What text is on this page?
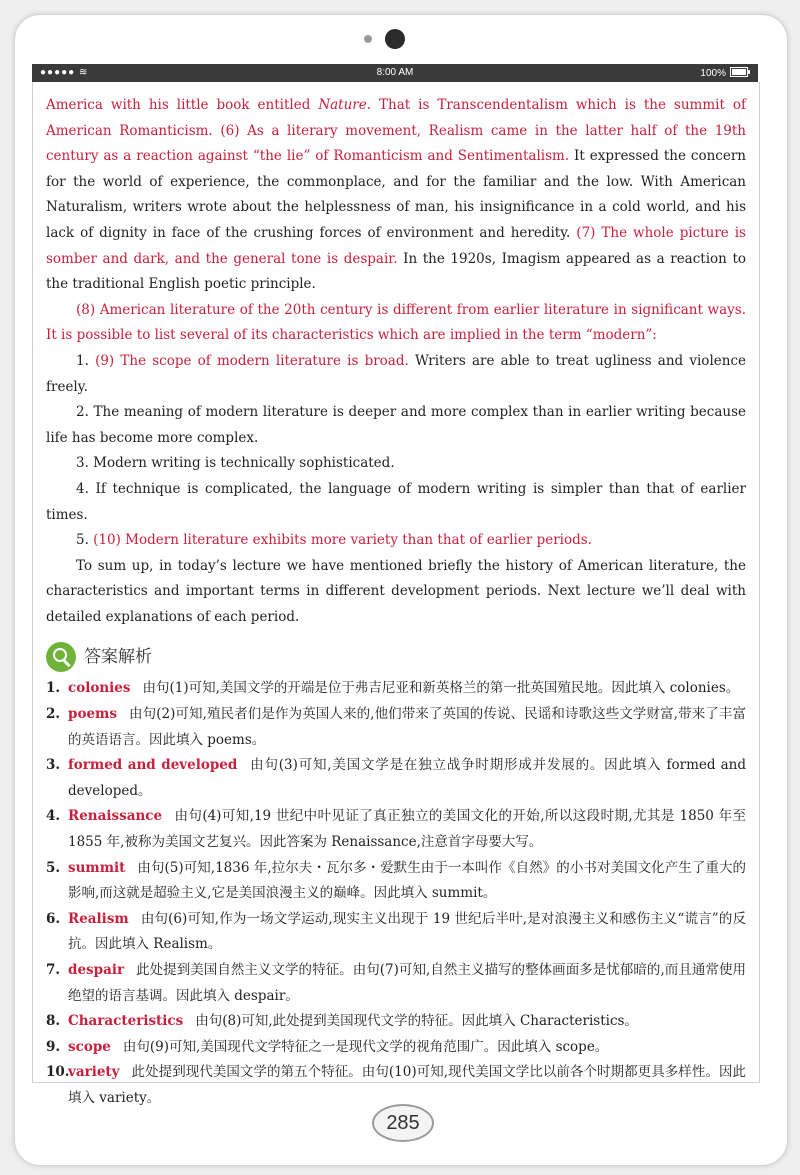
●●●●● ≋	8:00 AM	100%

America with his little book entitled Nature. That is Transcendentalism which is the summit of American Romanticism. (6) As a literary movement, Realism came in the latter half of the 19th century as a reaction against “the lie” of Romanticism and Sentimentalism. It expressed the concern for the world of experience, the commonplace, and for the familiar and the low. With American Naturalism, writers wrote about the helplessness of man, his insignificance in a cold world, and his lack of dignity in face of the crushing forces of environment and heredity. (7) The whole picture is somber and dark, and the general tone is despair. In the 1920s, Imagism appeared as a reaction to the traditional English poetic principle.

(8) American literature of the 20th century is different from earlier literature in significant ways. It is possible to list several of its characteristics which are implied in the term “modern”:

1. (9) The scope of modern literature is broad. Writers are able to treat ugliness and violence freely.

2. The meaning of modern literature is deeper and more complex than in earlier writing because life has become more complex.

3. Modern writing is technically sophisticated.

4. If technique is complicated, the language of modern writing is simpler than that of earlier times.

5. (10) Modern literature exhibits more variety than that of earlier periods.

To sum up, in today’s lecture we have mentioned briefly the history of American literature, the characteristics and important terms in different development periods. Next lecture we’ll deal with detailed explanations of each period.

答案解析
1. colonies 由句(1)可知,美国文学的开端是位于弗吉尼亚和新英格兰的第一批英国殖民地。因此填入 colonies。
2. poems 由句(2)可知,殖民者们是作为英国人来的,他们带来了英国的传说、民谣和诗歌这些文学财富,带来了丰富的英语语言。因此填入 poems。
3. formed and developed 由句(3)可知,美国文学是在独立战争时期形成并发展的。因此填入 formed and developed。
4. Renaissance 由句(4)可知,19 世纪中叶见证了真正独立的美国文化的开始,所以这段时期,尤其是 1850 年至 1855 年,被称为美国文艺复兴。因此答案为 Renaissance,注意首字母要大写。
5. summit 由句(5)可知,1836 年,拉尔夫・瓦尔多・爱默生由于一本叫作《自然》的小书对美国文化产生了重大的影响,而这就是超验主义,它是美国浪漫主义的巅峰。因此填入 summit。
6. Realism 由句(6)可知,作为一场文学运动,现实主义出现于 19 世纪后半叶,是对浪漫主义和感伤主义“谎言”的反抗。因此填入 Realism。
7. despair 此处提到美国自然主义文学的特征。由句(7)可知,自然主义描写的整体画面多是忧郁暗的,而且通常使用绝望的语言基调。因此填入 despair。
8. Characteristics 由句(8)可知,此处提到美国现代文学的特征。因此填入 Characteristics。
9. scope 由句(9)可知,美国现代文学特征之一是现代文学的视角范围广。因此填入 scope。
10.
variety 此处提到现代美国文学的第五个特征。由句(10)可知,现代美国文学比以前各个时期都更具多样性。因此填入 variety。
285
